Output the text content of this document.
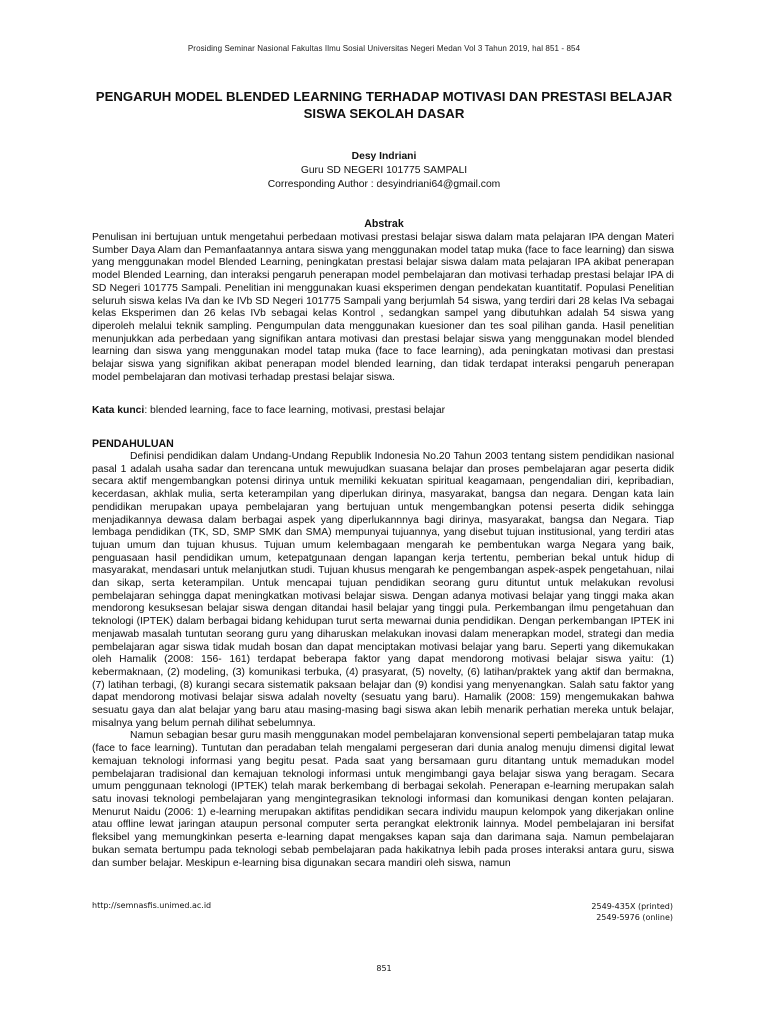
Prosiding Seminar Nasional Fakultas Ilmu Sosial Universitas Negeri Medan Vol 3 Tahun 2019, hal 851 - 854
PENGARUH MODEL BLENDED LEARNING TERHADAP MOTIVASI DAN PRESTASI BELAJAR
SISWA SEKOLAH DASAR
Desy Indriani
Guru SD NEGERI 101775 SAMPALI
Corresponding Author : desyindriani64@gmail.com
Abstrak

Penulisan ini bertujuan untuk mengetahui perbedaan motivasi prestasi belajar siswa dalam mata pelajaran IPA dengan Materi Sumber Daya Alam dan Pemanfaatannya antara siswa yang menggunakan model tatap muka (face to face learning) dan siswa yang menggunakan model Blended Learning, peningkatan prestasi belajar siswa dalam mata pelajaran IPA akibat penerapan model Blended Learning, dan interaksi pengaruh penerapan model pembelajaran dan motivasi terhadap prestasi belajar IPA di SD Negeri 101775 Sampali. Penelitian ini menggunakan kuasi eksperimen dengan pendekatan kuantitatif. Populasi Penelitian seluruh siswa kelas IVa dan ke IVb SD Negeri 101775 Sampali yang berjumlah 54 siswa, yang terdiri dari 28 kelas IVa sebagai kelas Eksperimen dan 26 kelas IVb sebagai kelas Kontrol , sedangkan sampel yang dibutuhkan adalah 54 siswa yang diperoleh melalui teknik sampling. Pengumpulan data menggunakan kuesioner dan tes soal pilihan ganda. Hasil penelitian menunjukkan ada perbedaan yang signifikan antara motivasi dan prestasi belajar siswa yang menggunakan model blended learning dan siswa yang menggunakan model tatap muka (face to face learning), ada peningkatan motivasi dan prestasi belajar siswa yang signifikan akibat penerapan model blended learning, dan tidak terdapat interaksi pengaruh penerapan model pembelajaran dan motivasi terhadap prestasi belajar siswa.

Kata kunci: blended learning, face to face learning, motivasi, prestasi belajar

PENDAHULUAN

Definisi pendidikan dalam Undang-Undang Republik Indonesia No.20 Tahun 2003 tentang sistem pendidikan nasional pasal 1 adalah usaha sadar dan terencana untuk mewujudkan suasana belajar dan proses pembelajaran agar peserta didik secara aktif mengembangkan potensi dirinya untuk memiliki kekuatan spiritual keagamaan, pengendalian diri, kepribadian, kecerdasan, akhlak mulia, serta keterampilan yang diperlukan dirinya, masyarakat, bangsa dan negara. Dengan kata lain pendidikan merupakan upaya pembelajaran yang bertujuan untuk mengembangkan potensi peserta didik sehingga menjadikannya dewasa dalam berbagai aspek yang diperlukannnya bagi dirinya, masyarakat, bangsa dan Negara. Tiap lembaga pendidikan (TK, SD, SMP SMK dan SMA) mempunyai tujuannya, yang disebut tujuan institusional, yang terdiri atas tujuan umum dan tujuan khusus. Tujuan umum kelembagaan mengarah ke pembentukan warga Negara yang baik, penguasaan hasil pendidikan umum, ketepatgunaan dengan lapangan kerja tertentu, pemberian bekal untuk hidup di masyarakat, mendasari untuk melanjutkan studi. Tujuan khusus mengarah ke pengembangan aspek-aspek pengetahuan, nilai dan sikap, serta keterampilan. Untuk mencapai tujuan pendidikan seorang guru dituntut untuk melakukan revolusi pembelajaran sehingga dapat meningkatkan motivasi belajar siswa. Dengan adanya motivasi belajar yang tinggi maka akan mendorong kesuksesan belajar siswa dengan ditandai hasil belajar yang tinggi pula. Perkembangan ilmu pengetahuan dan teknologi (IPTEK) dalam berbagai bidang kehidupan turut serta mewarnai dunia pendidikan. Dengan perkembangan IPTEK ini menjawab masalah tuntutan seorang guru yang diharuskan melakukan inovasi dalam menerapkan model, strategi dan media pembelajaran agar siswa tidak mudah bosan dan dapat menciptakan motivasi belajar yang baru. Seperti yang dikemukakan oleh Hamalik (2008: 156- 161) terdapat beberapa faktor yang dapat mendorong motivasi belajar siswa yaitu: (1) kebermaknaan, (2) modeling, (3) komunikasi terbuka, (4) prasyarat, (5) novelty, (6) latihan/praktek yang aktif dan bermakna, (7) latihan terbagi, (8) kurangi secara sistematik paksaan belajar dan (9) kondisi yang menyenangkan. Salah satu faktor yang dapat mendorong motivasi belajar siswa adalah novelty (sesuatu yang baru). Hamalik (2008: 159) mengemukakan bahwa sesuatu gaya dan alat belajar yang baru atau masing-masing bagi siswa akan lebih menarik perhatian mereka untuk belajar, misalnya yang belum pernah dilihat sebelumnya.

Namun sebagian besar guru masih menggunakan model pembelajaran konvensional seperti pembelajaran tatap muka (face to face learning). Tuntutan dan peradaban telah mengalami pergeseran dari dunia analog menuju dimensi digital lewat kemajuan teknologi informasi yang begitu pesat. Pada saat yang bersamaan guru ditantang untuk memadukan model pembelajaran tradisional dan kemajuan teknologi informasi untuk mengimbangi gaya belajar siswa yang beragam. Secara umum penggunaan teknologi (IPTEK) telah marak berkembang di berbagai sekolah. Penerapan e-learning merupakan salah satu inovasi teknologi pembelajaran yang mengintegrasikan teknologi informasi dan komunikasi dengan konten pelajaran. Menurut Naidu (2006: 1) e-learning merupakan aktifitas pendidikan secara individu maupun kelompok yang dikerjakan online atau offline lewat jaringan ataupun personal computer serta perangkat elektronik lainnya. Model pembelajaran ini bersifat fleksibel yang memungkinkan peserta e-learning dapat mengakses kapan saja dan darimana saja. Namun pembelajaran bukan semata bertumpu pada teknologi sebab pembelajaran pada hakikatnya lebih pada proses interaksi antara guru, siswa dan sumber belajar. Meskipun e-learning bisa digunakan secara mandiri oleh siswa, namun

http://semnasfis.unimed.ac.id	2549-435X (printed)
2549-5976 (online)
851
